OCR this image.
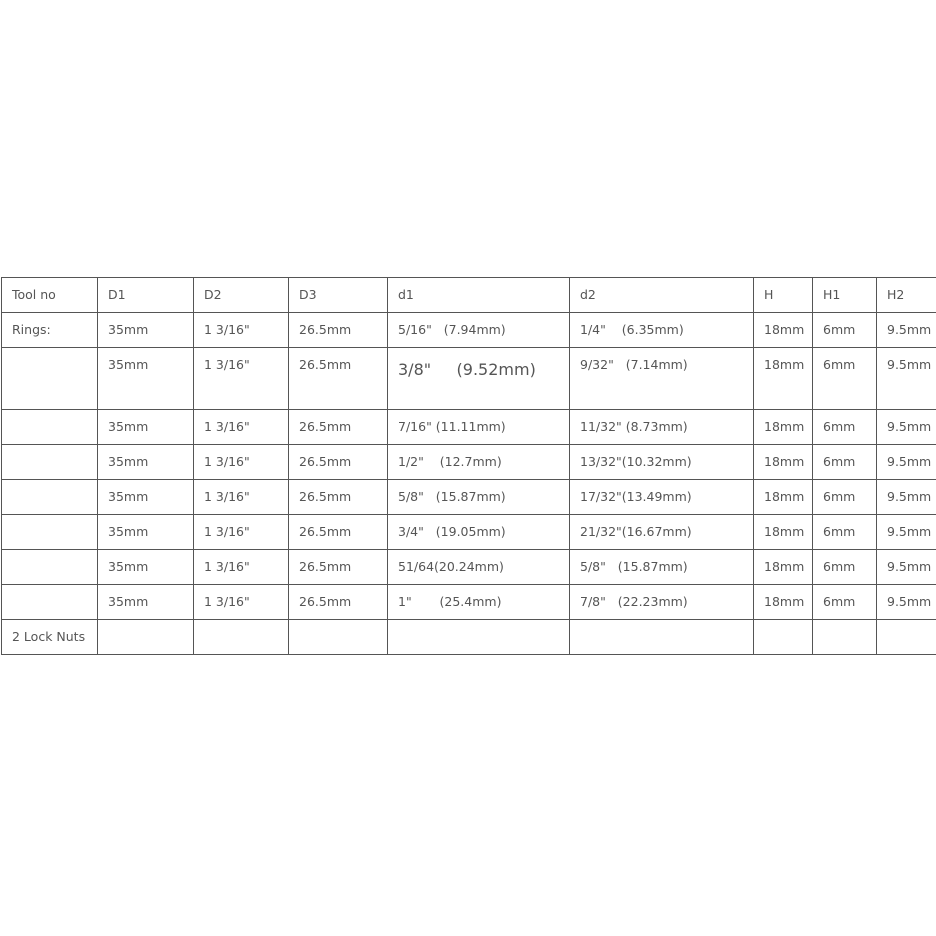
Tool no	D1	D2	D3	d1	d2	H	H1	H2
Rings:	35mm	1 3/16"	26.5mm	5/16"   (7.94mm)	1/4"    (6.35mm)	18mm	6mm	9.5mm
	35mm	1 3/16"	26.5mm	3/8"     (9.52mm)	9/32"   (7.14mm)	18mm	6mm	9.5mm
	35mm	1 3/16"	26.5mm	7/16" (11.11mm)	11/32" (8.73mm)	18mm	6mm	9.5mm
	35mm	1 3/16"	26.5mm	1/2"    (12.7mm)	13/32"(10.32mm)	18mm	6mm	9.5mm
	35mm	1 3/16"	26.5mm	5/8"   (15.87mm)	17/32"(13.49mm)	18mm	6mm	9.5mm
	35mm	1 3/16"	26.5mm	3/4"   (19.05mm)	21/32"(16.67mm)	18mm	6mm	9.5mm
	35mm	1 3/16"	26.5mm	51/64(20.24mm)	5/8"   (15.87mm)	18mm	6mm	9.5mm
	35mm	1 3/16"	26.5mm	1"       (25.4mm)	7/8"   (22.23mm)	18mm	6mm	9.5mm
2 Lock Nuts								
